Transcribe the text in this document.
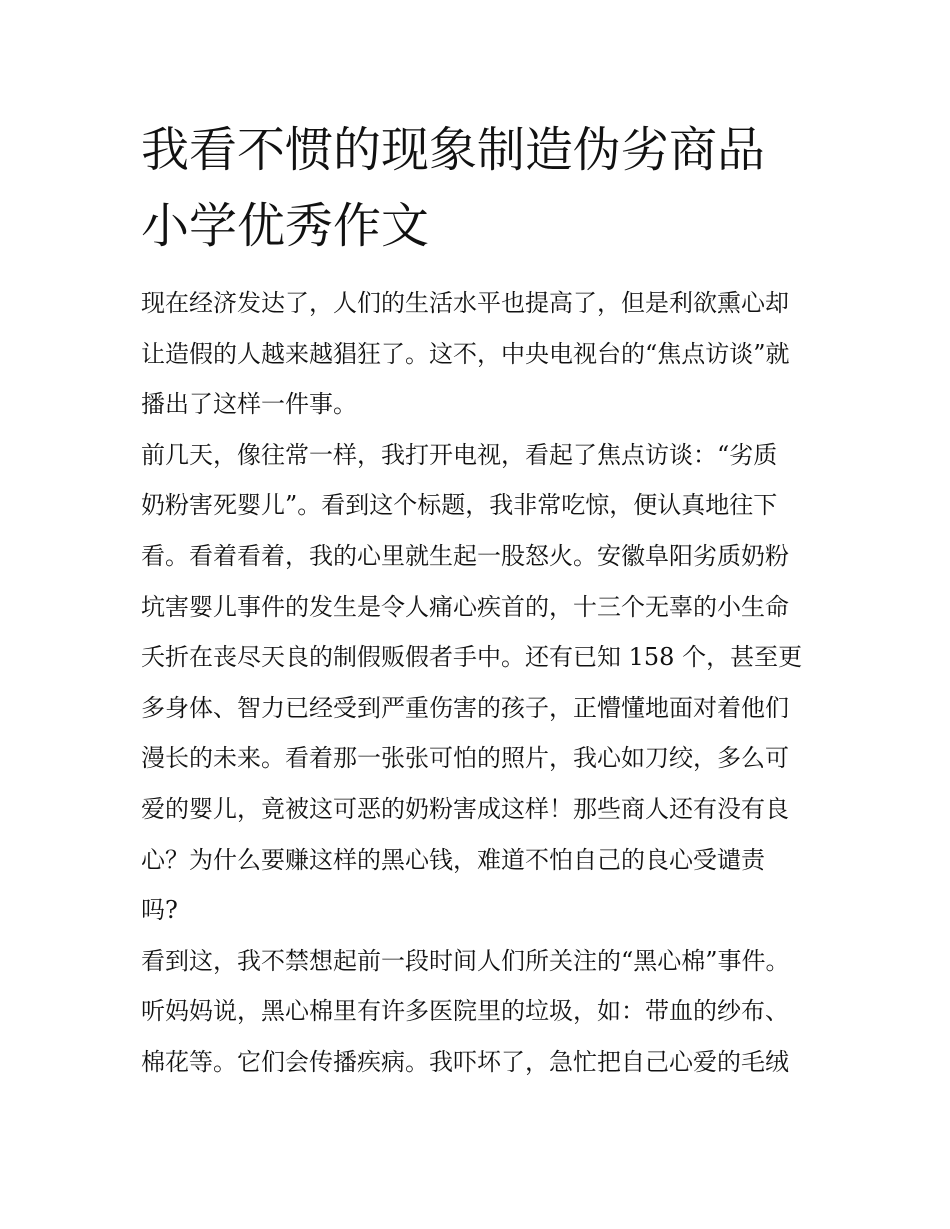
我看不惯的现象制造伪劣商品
小学优秀作文

现在经济发达了，人们的生活水平也提高了，但是利欲熏心却
让造假的人越来越猖狂了。这不，中央电视台的“焦点访谈”就
播出了这样一件事。

前几天，像往常一样，我打开电视，看起了焦点访谈：“劣质
奶粉害死婴儿”。看到这个标题，我非常吃惊，便认真地往下
看。看着看着，我的心里就生起一股怒火。安徽阜阳劣质奶粉
坑害婴儿事件的发生是令人痛心疾首的，十三个无辜的小生命
夭折在丧尽天良的制假贩假者手中。还有已知 158 个，甚至更
多身体、智力已经受到严重伤害的孩子，正懵懂地面对着他们
漫长的未来。看着那一张张可怕的照片，我心如刀绞，多么可
爱的婴儿，竟被这可恶的奶粉害成这样！那些商人还有没有良
心？为什么要赚这样的黑心钱，难道不怕自己的良心受谴责
吗?

看到这，我不禁想起前一段时间人们所关注的“黑心棉”事件。
听妈妈说，黑心棉里有许多医院里的垃圾，如：带血的纱布、
棉花等。它们会传播疾病。我吓坏了，急忙把自己心爱的毛绒
